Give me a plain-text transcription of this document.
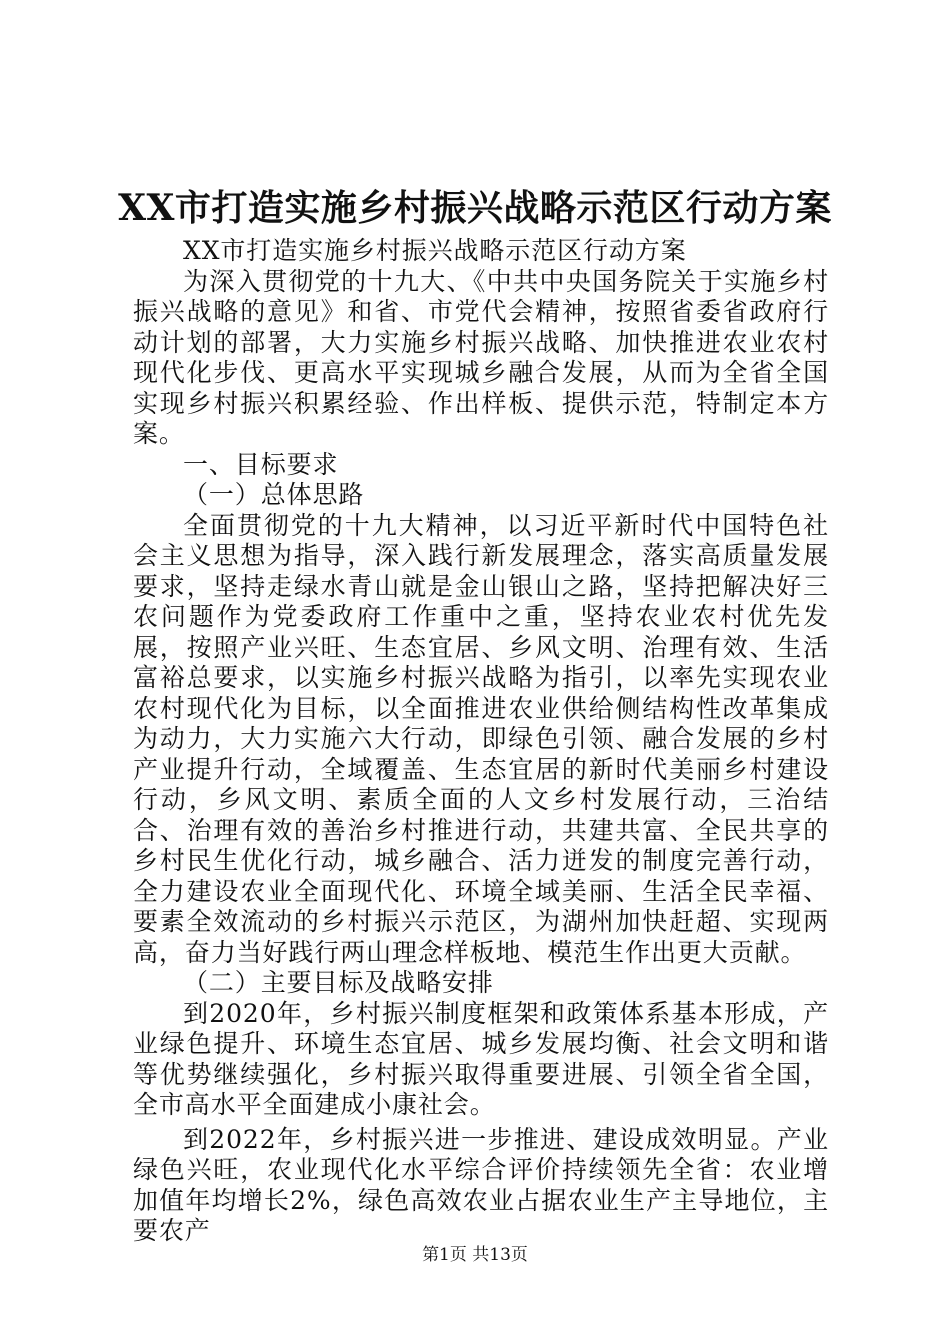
XX市打造实施乡村振兴战略示范区行动方案

XX市打造实施乡村振兴战略示范区行动方案

为深入贯彻党的十九大、《中共中央国务院关于实施乡村振兴战略的意见》和省、市党代会精神，按照省委省政府行动计划的部署，大力实施乡村振兴战略、加快推进农业农村现代化步伐、更高水平实现城乡融合发展，从而为全省全国实现乡村振兴积累经验、作出样板、提供示范，特制定本方案。

一、目标要求

（一）总体思路

全面贯彻党的十九大精神，以习近平新时代中国特色社会主义思想为指导，深入践行新发展理念，落实高质量发展要求，坚持走绿水青山就是金山银山之路，坚持把解决好三农问题作为党委政府工作重中之重，坚持农业农村优先发展，按照产业兴旺、生态宜居、乡风文明、治理有效、生活富裕总要求，以实施乡村振兴战略为指引，以率先实现农业农村现代化为目标，以全面推进农业供给侧结构性改革集成为动力，大力实施六大行动，即绿色引领、融合发展的乡村产业提升行动，全域覆盖、生态宜居的新时代美丽乡村建设行动，乡风文明、素质全面的人文乡村发展行动，三治结合、治理有效的善治乡村推进行动，共建共富、全民共享的乡村民生优化行动，城乡融合、活力迸发的制度完善行动，全力建设农业全面现代化、环境全域美丽、生活全民幸福、要素全效流动的乡村振兴示范区，为湖州加快赶超、实现两高，奋力当好践行两山理念样板地、模范生作出更大贡献。

（二）主要目标及战略安排

到2020年，乡村振兴制度框架和政策体系基本形成，产业绿色提升、环境生态宜居、城乡发展均衡、社会文明和谐等优势继续强化，乡村振兴取得重要进展、引领全省全国，全市高水平全面建成小康社会。

到2022年，乡村振兴进一步推进、建设成效明显。产业绿色兴旺，农业现代化水平综合评价持续领先全省：农业增加值年均增长2%，绿色高效农业占据农业生产主导地位，主要农产

第1页 共13页
